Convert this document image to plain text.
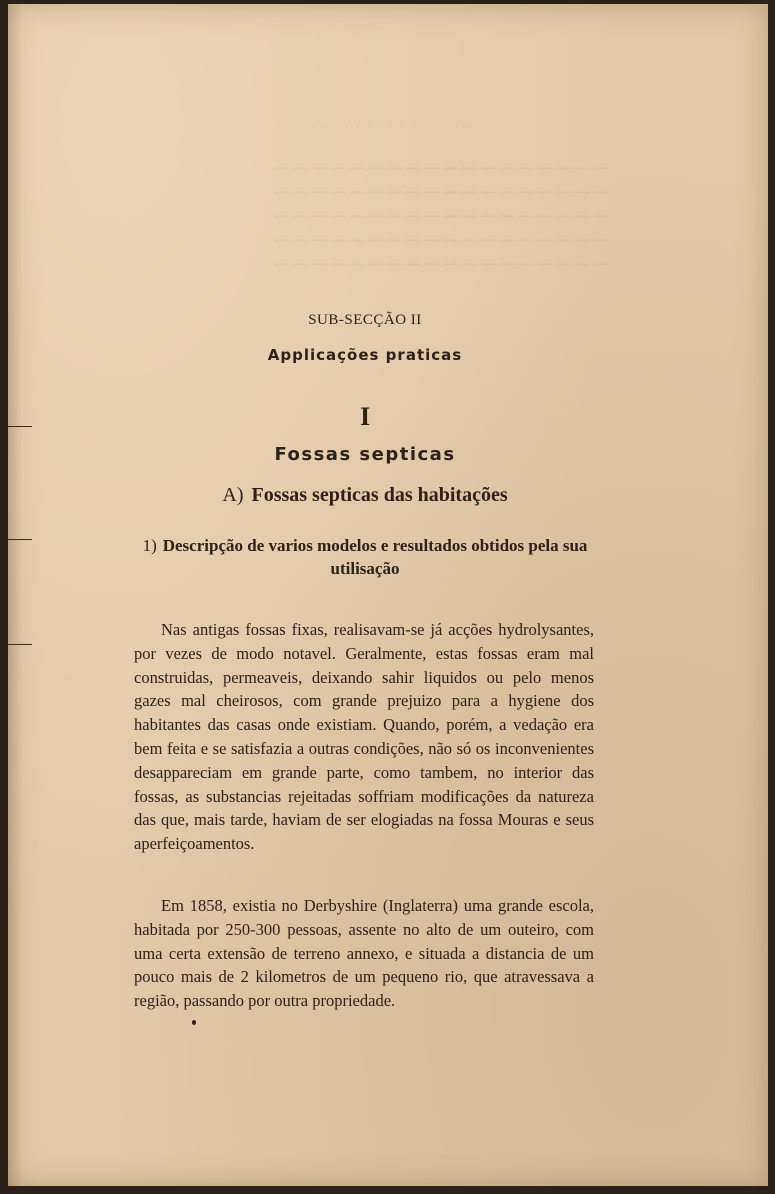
· · · · · · · · · · · · · · · · · ·
— — — — — — — — — — — — — — — — — —
— — — — — — — — — — — — — — — — — —
— — — — — — — — — — — — — — — — — —
— — — — — — — — — — — — — — — — — —
— — — — — — — — — — — — — — — — — —
SUB-SECÇÃO II
Applicações praticas
I
Fossas septicas
A) Fossas septicas das habitações
1) Descripção de varios modelos e resultados obtidos pela sua utilisação

Nas antigas fossas fixas, realisavam-se já acções hydrolysantes, por vezes de modo notavel. Geralmente, estas fossas eram mal construidas, permeaveis, deixando sahir liquidos ou pelo menos gazes mal cheirosos, com grande prejuizo para a hygiene dos habitantes das casas onde existiam. Quando, porém, a vedação era bem feita e se satisfazia a outras condições, não só os inconvenientes desappareciam em grande parte, como tambem, no interior das fossas, as substancias rejeitadas soffriam modificações da natureza das que, mais tarde, haviam de ser elogiadas na fossa Mouras e seus aperfeiçoamentos.

Em 1858, existia no Derbyshire (Inglaterra) uma grande escola, habitada por 250-300 pessoas, assente no alto de um outeiro, com uma certa extensão de terreno annexo, e situada a distancia de um pouco mais de 2 kilometros de um pequeno rio, que atravessava a região, passando por outra propriedade.
